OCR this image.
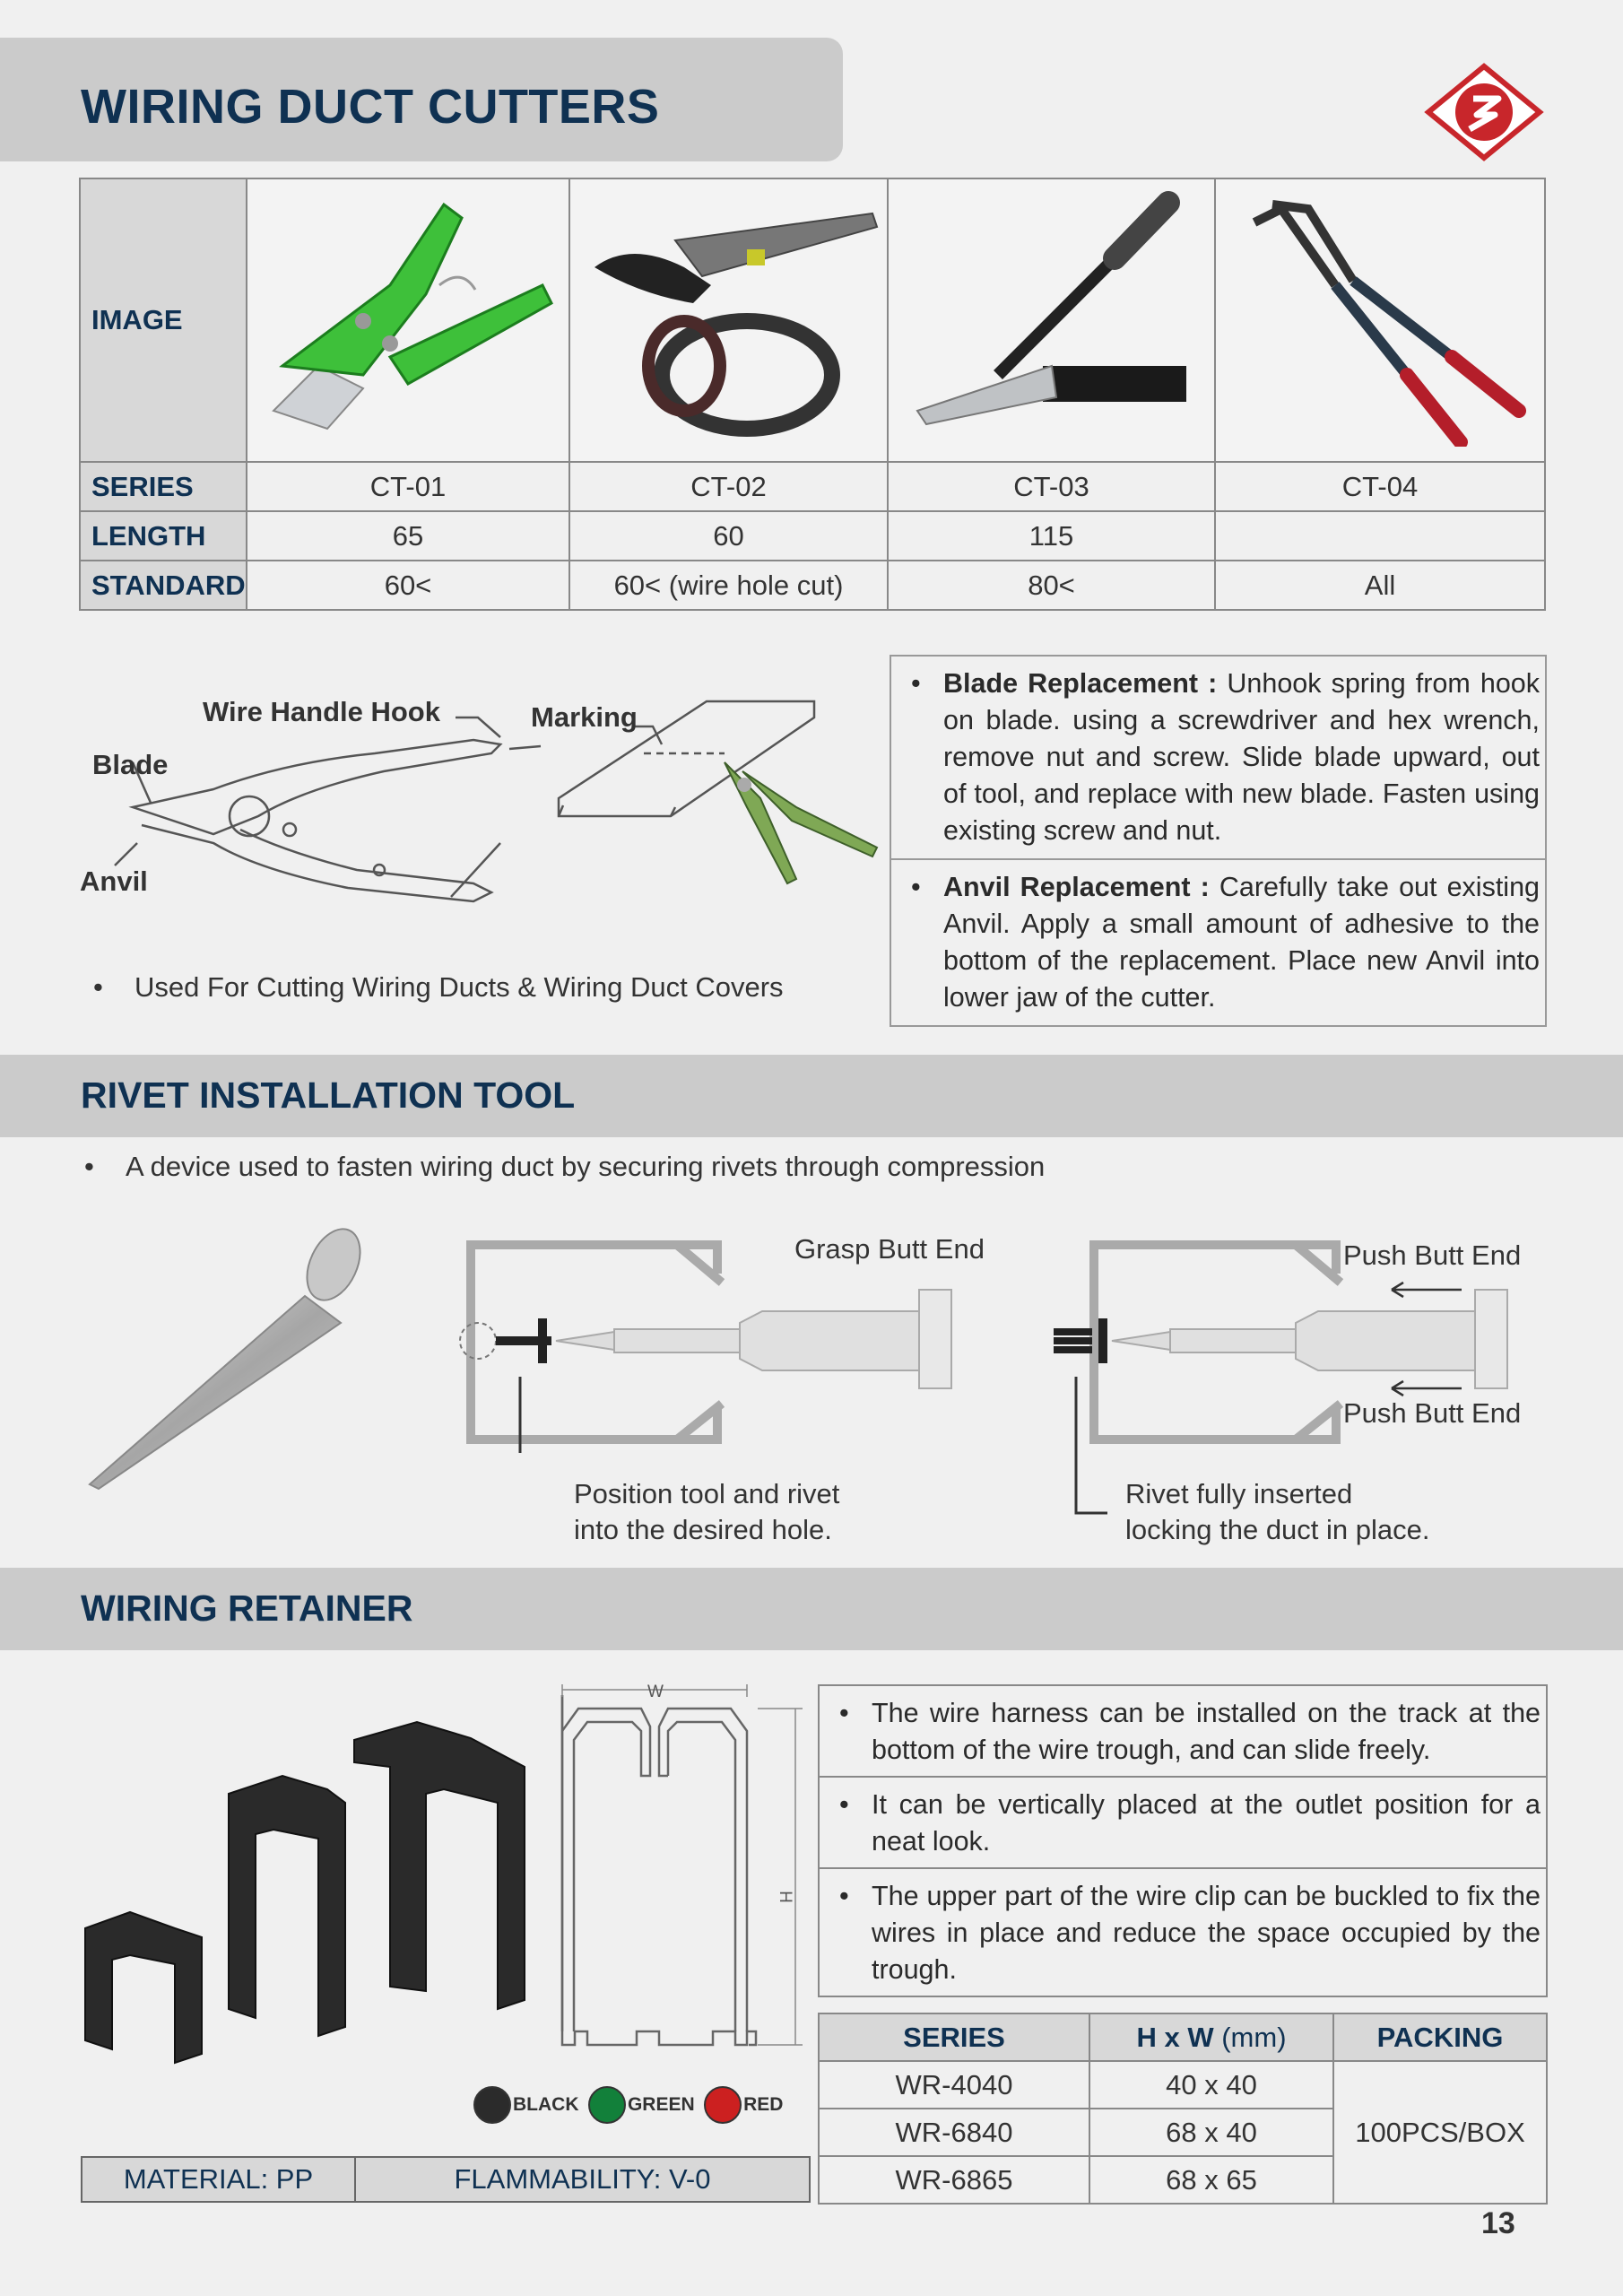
WIRING DUCT CUTTERS
IMAGE				
SERIES	CT-01	CT-02	CT-03	CT-04
LENGTH	65	60	115	
STANDARD	60<	60< (wire hole cut)	80<	All
Wire Handle Hook
Blade
Anvil
Marking
• Used For Cutting Wiring Ducts & Wiring Duct Covers
• Blade Replacement : Unhook spring from hook on blade. using a screwdriver and hex wrench, remove nut and screw. Slide blade upward, out of tool, and replace with new blade. Fasten using existing screw and nut.
• Anvil Replacement : Carefully take out existing Anvil. Apply a small amount of adhesive to the bottom of the replacement. Place new Anvil into lower jaw of the cutter.
RIVET INSTALLATION TOOL
• A device used to fasten wiring duct by securing rivets through compression
Grasp Butt End
Position tool and rivet
into the desired hole.
Push Butt End
Push Butt End
Rivet fully inserted
locking the duct in place.
WIRING RETAINER
W
H
BLACK	GREEN	RED
• The wire harness can be installed on the track at the bottom of the wire trough, and can slide freely.
• It can be vertically placed at the outlet position for a neat look.
• The upper part of the wire clip can be buckled to fix the wires in place and reduce the space occupied by the trough.
SERIES	H x W (mm)	PACKING
WR-4040	40 x 40	100PCS/BOX
WR-6840	68 x 40	
WR-6865	68 x 65	
MATERIAL: PP	FLAMMABILITY: V-0
13
